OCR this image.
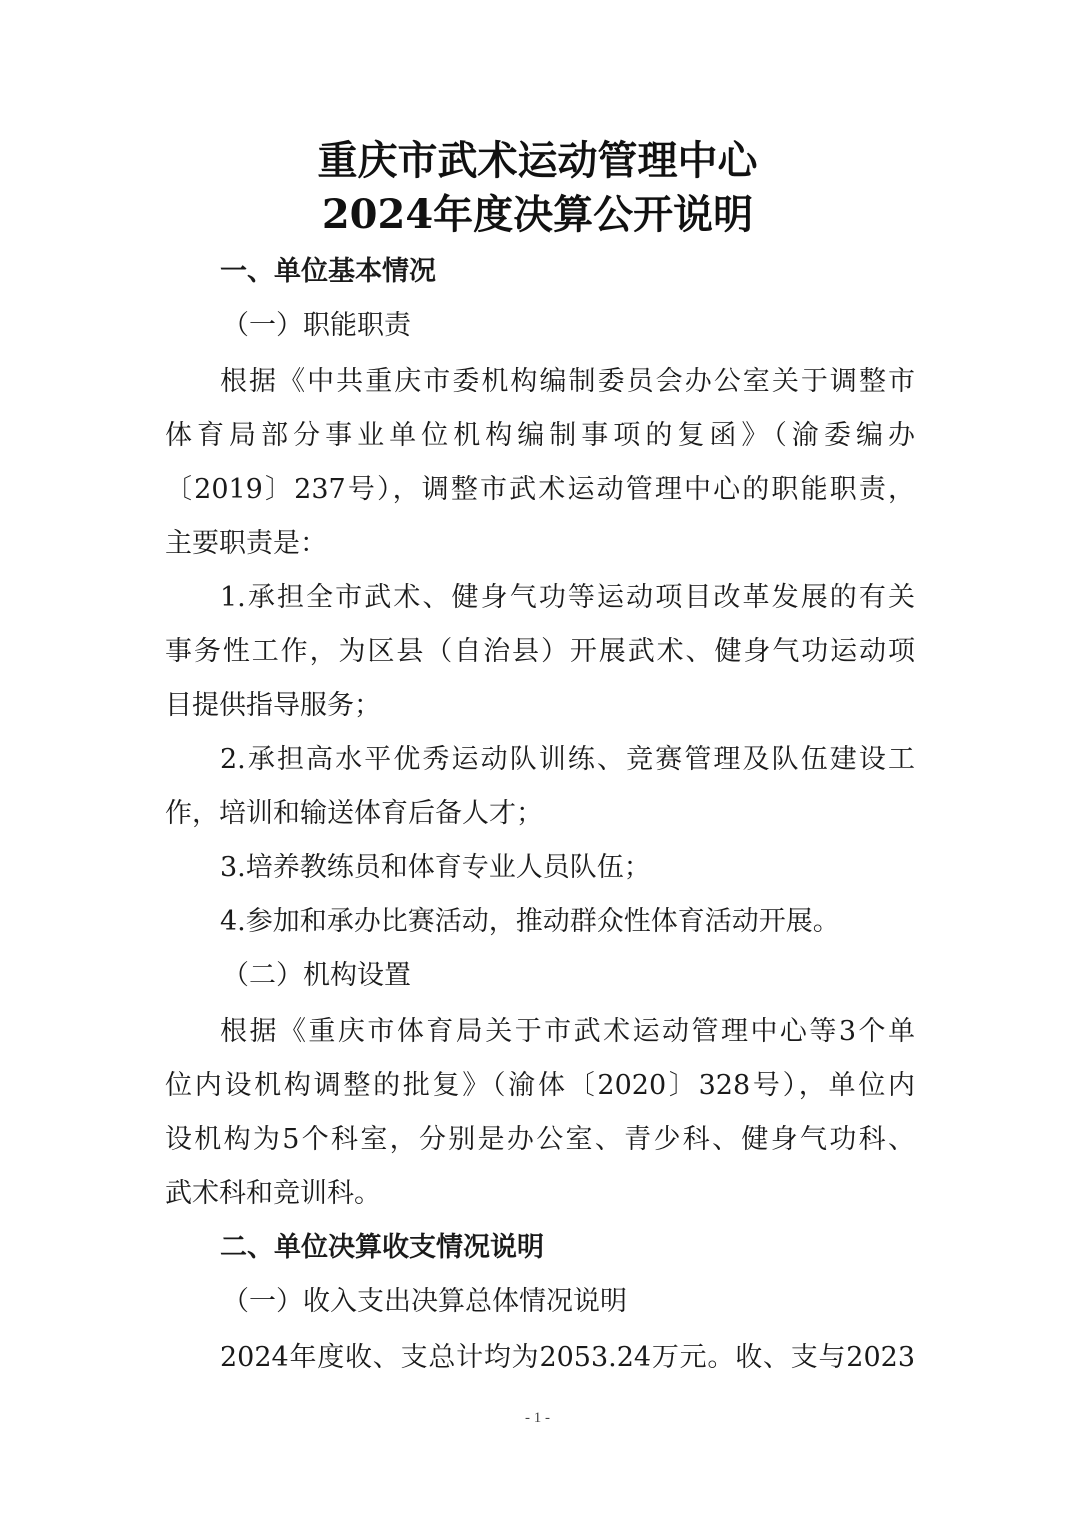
重庆市武术运动管理中心
2024年度决算公开说明
一、单位基本情况
（一）职能职责
根据《中共重庆市委机构编制委员会办公室关于调整市
体育局部分事业单位机构编制事项的复函》（渝委编办
〔2019〕237号），调整市武术运动管理中心的职能职责，
主要职责是：
1.承担全市武术、健身气功等运动项目改革发展的有关
事务性工作，为区县（自治县）开展武术、健身气功运动项
目提供指导服务；
2.承担高水平优秀运动队训练、竞赛管理及队伍建设工
作，培训和输送体育后备人才；
3.培养教练员和体育专业人员队伍；
4.参加和承办比赛活动，推动群众性体育活动开展。
（二）机构设置
根据《重庆市体育局关于市武术运动管理中心等3个单
位内设机构调整的批复》（渝体〔2020〕328号），单位内
设机构为5个科室，分别是办公室、青少科、健身气功科、
武术科和竞训科。
二、单位决算收支情况说明
（一）收入支出决算总体情况说明
2024年度收、支总计均为2053.24万元。收、支与2023
- 1 -
